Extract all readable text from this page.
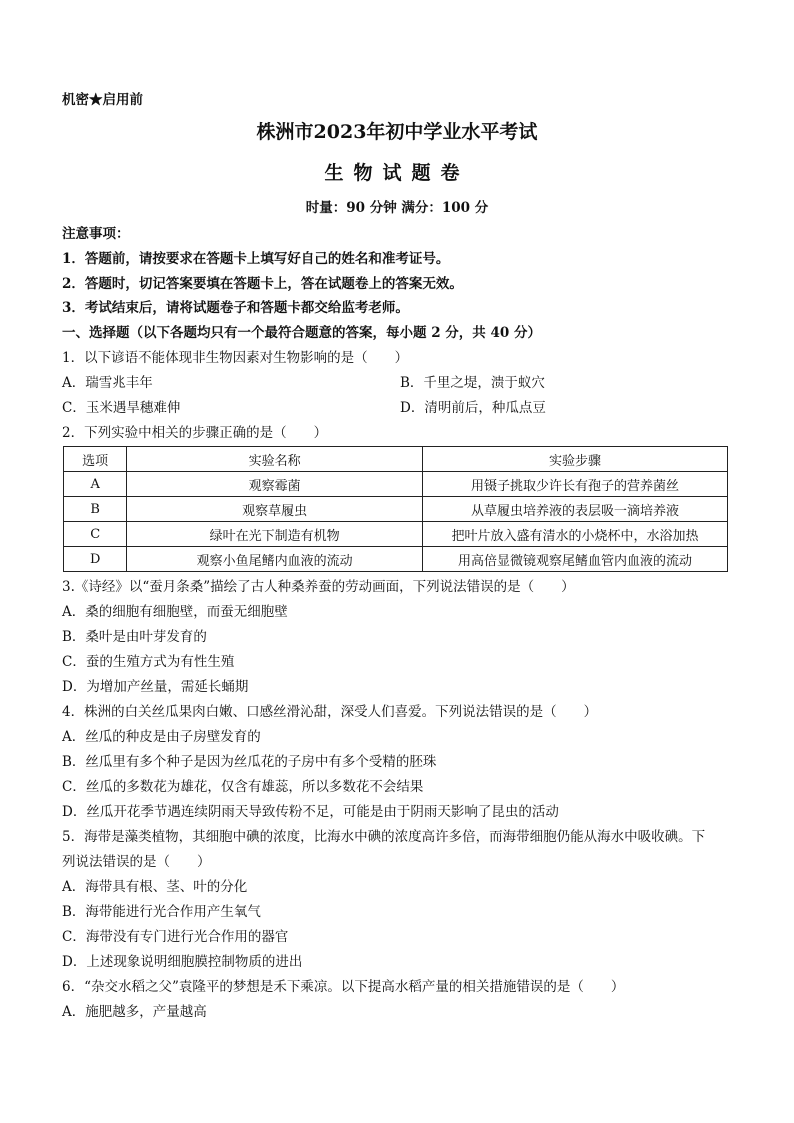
机密★启用前
株洲市2023年初中学业水平考试
生物试题卷
时量：90 分钟 满分：100 分
注意事项：
1．答题前，请按要求在答题卡上填写好自己的姓名和准考证号。
2．答题时，切记答案要填在答题卡上，答在试题卷上的答案无效。
3．考试结束后，请将试题卷子和答题卡都交给监考老师。
一、选择题（以下各题均只有一个最符合题意的答案，每小题 2 分，共 40 分）
1．以下谚语不能体现非生物因素对生物影响的是（　　）
A．瑞雪兆丰年	B．千里之堤，溃于蚁穴
C．玉米遇旱穗难伸	D．清明前后，种瓜点豆
2．下列实验中相关的步骤正确的是（　　）
选项	实验名称	实验步骤
A	观察霉菌	用镊子挑取少许长有孢子的营养菌丝
B	观察草履虫	从草履虫培养液的表层吸一滴培养液
C	绿叶在光下制造有机物	把叶片放入盛有清水的小烧杯中，水浴加热
D	观察小鱼尾鳍内血液的流动	用高倍显微镜观察尾鳍血管内血液的流动
3.《诗经》以“蚕月条桑”描绘了古人种桑养蚕的劳动画面，下列说法错误的是（　　）
A．桑的细胞有细胞壁，而蚕无细胞壁
B．桑叶是由叶芽发育的
C．蚕的生殖方式为有性生殖
D．为增加产丝量，需延长蛹期
4．株洲的白关丝瓜果肉白嫩、口感丝滑沁甜，深受人们喜爱。下列说法错误的是（　　）
A．丝瓜的种皮是由子房壁发育的
B．丝瓜里有多个种子是因为丝瓜花的子房中有多个受精的胚珠
C．丝瓜的多数花为雄花，仅含有雄蕊，所以多数花不会结果
D．丝瓜开花季节遇连续阴雨天导致传粉不足，可能是由于阴雨天影响了昆虫的活动
5．海带是藻类植物，其细胞中碘的浓度，比海水中碘的浓度高许多倍，而海带细胞仍能从海水中吸收碘。下
列说法错误的是（　　）
A．海带具有根、茎、叶的分化
B．海带能进行光合作用产生氧气
C．海带没有专门进行光合作用的器官
D．上述现象说明细胞膜控制物质的进出
6．“杂交水稻之父”袁隆平的梦想是禾下乘凉。以下提高水稻产量的相关措施错误的是（　　）
A．施肥越多，产量越高
